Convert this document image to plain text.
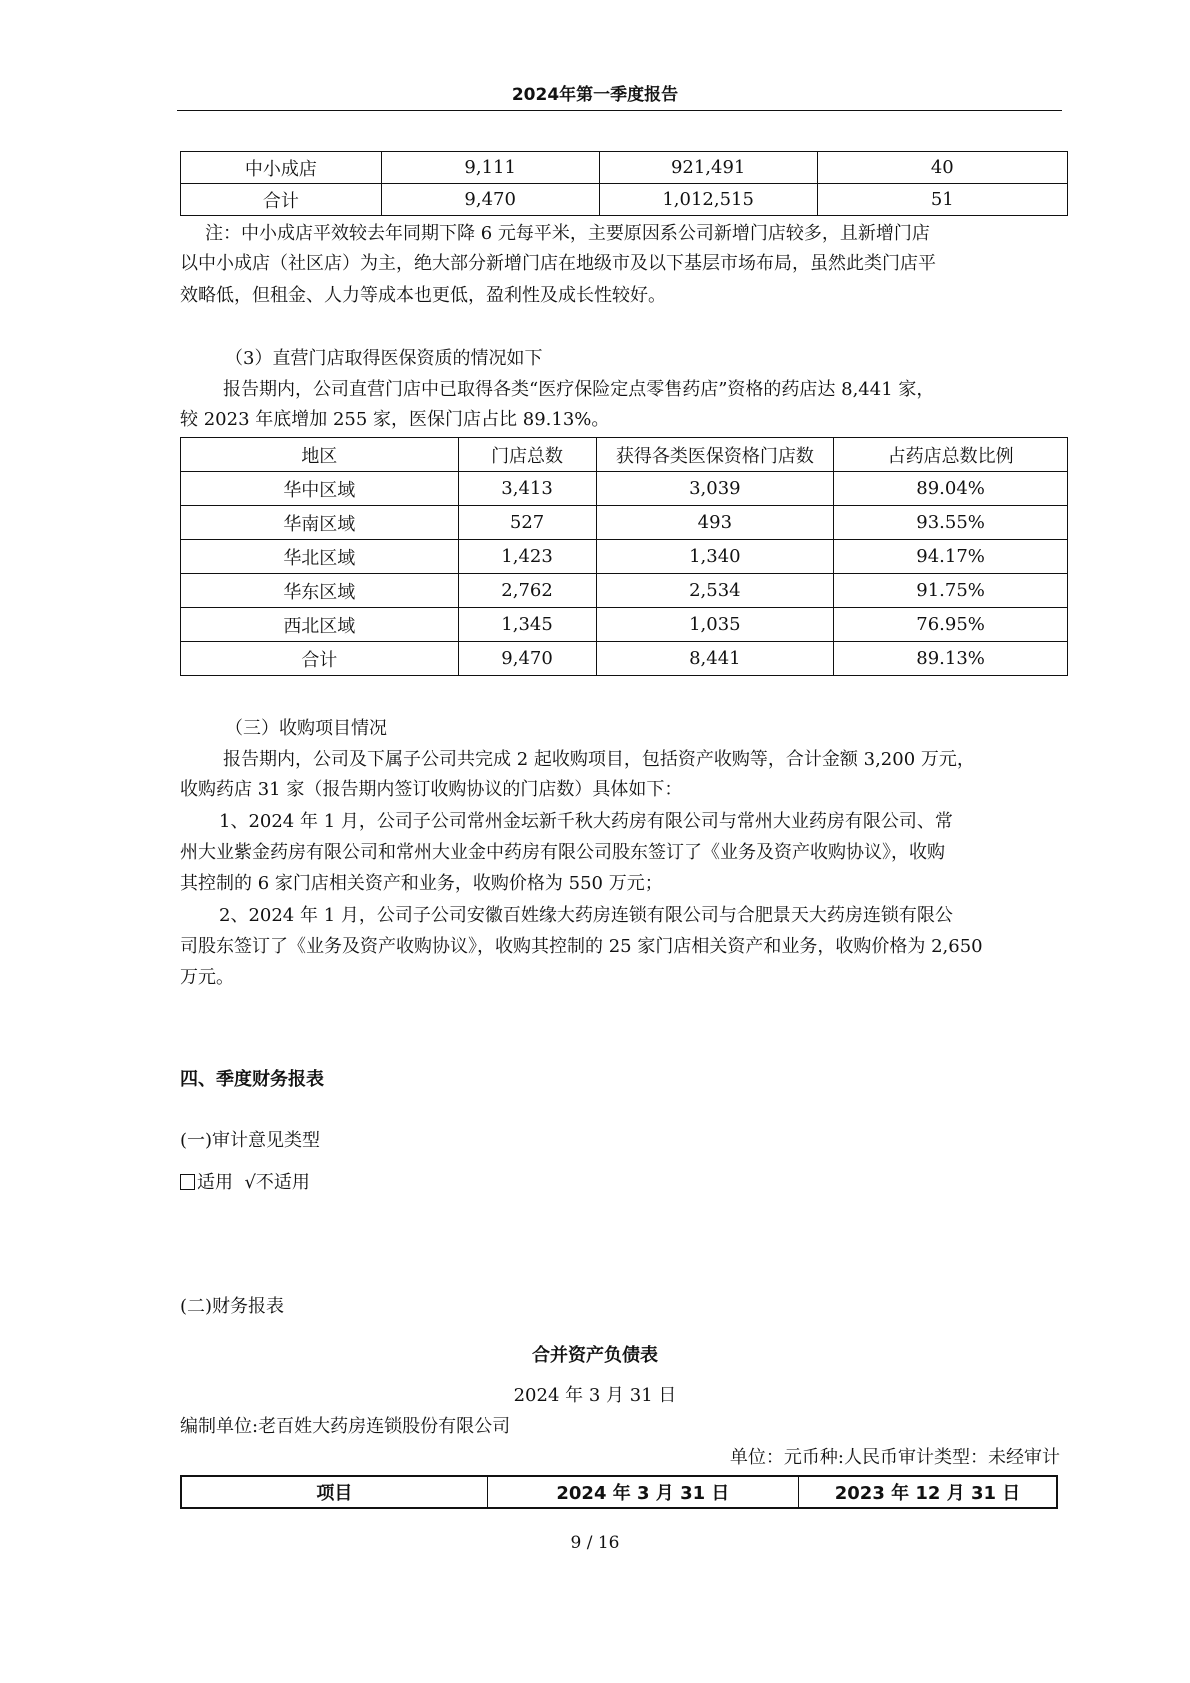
2024年第一季度报告
中小成店	9,111	921,491	40
合计	9,470	1,012,515	51
注：中小成店平效较去年同期下降 6 元每平米，主要原因系公司新增门店较多，且新增门店
以中小成店（社区店）为主，绝大部分新增门店在地级市及以下基层市场布局，虽然此类门店平
效略低，但租金、人力等成本也更低，盈利性及成长性较好。
（3）直营门店取得医保资质的情况如下
报告期内，公司直营门店中已取得各类“医疗保险定点零售药店”资格的药店达 8,441 家，
较 2023 年底增加 255 家，医保门店占比 89.13%。
地区	门店总数	获得各类医保资格门店数	占药店总数比例
华中区域	3,413	3,039	89.04%
华南区域	527	493	93.55%
华北区域	1,423	1,340	94.17%
华东区域	2,762	2,534	91.75%
西北区域	1,345	1,035	76.95%
合计	9,470	8,441	89.13%
（三）收购项目情况
报告期内，公司及下属子公司共完成 2 起收购项目，包括资产收购等，合计金额 3,200 万元，
收购药店 31 家（报告期内签订收购协议的门店数）具体如下：
1、2024 年 1 月，公司子公司常州金坛新千秋大药房有限公司与常州大业药房有限公司、常
州大业紫金药房有限公司和常州大业金中药房有限公司股东签订了《业务及资产收购协议》，收购
其控制的 6 家门店相关资产和业务，收购价格为 550 万元；
2、2024 年 1 月，公司子公司安徽百姓缘大药房连锁有限公司与合肥景天大药房连锁有限公
司股东签订了《业务及资产收购协议》，收购其控制的 25 家门店相关资产和业务，收购价格为 2,650
万元。
四、季度财务报表
(一)审计意见类型
适用 √不适用
(二)财务报表
合并资产负债表
2024 年 3 月 31 日
编制单位:老百姓大药房连锁股份有限公司
单位：元币种:人民币审计类型：未经审计
项目	2024 年 3 月 31 日	2023 年 12 月 31 日
9 / 16
